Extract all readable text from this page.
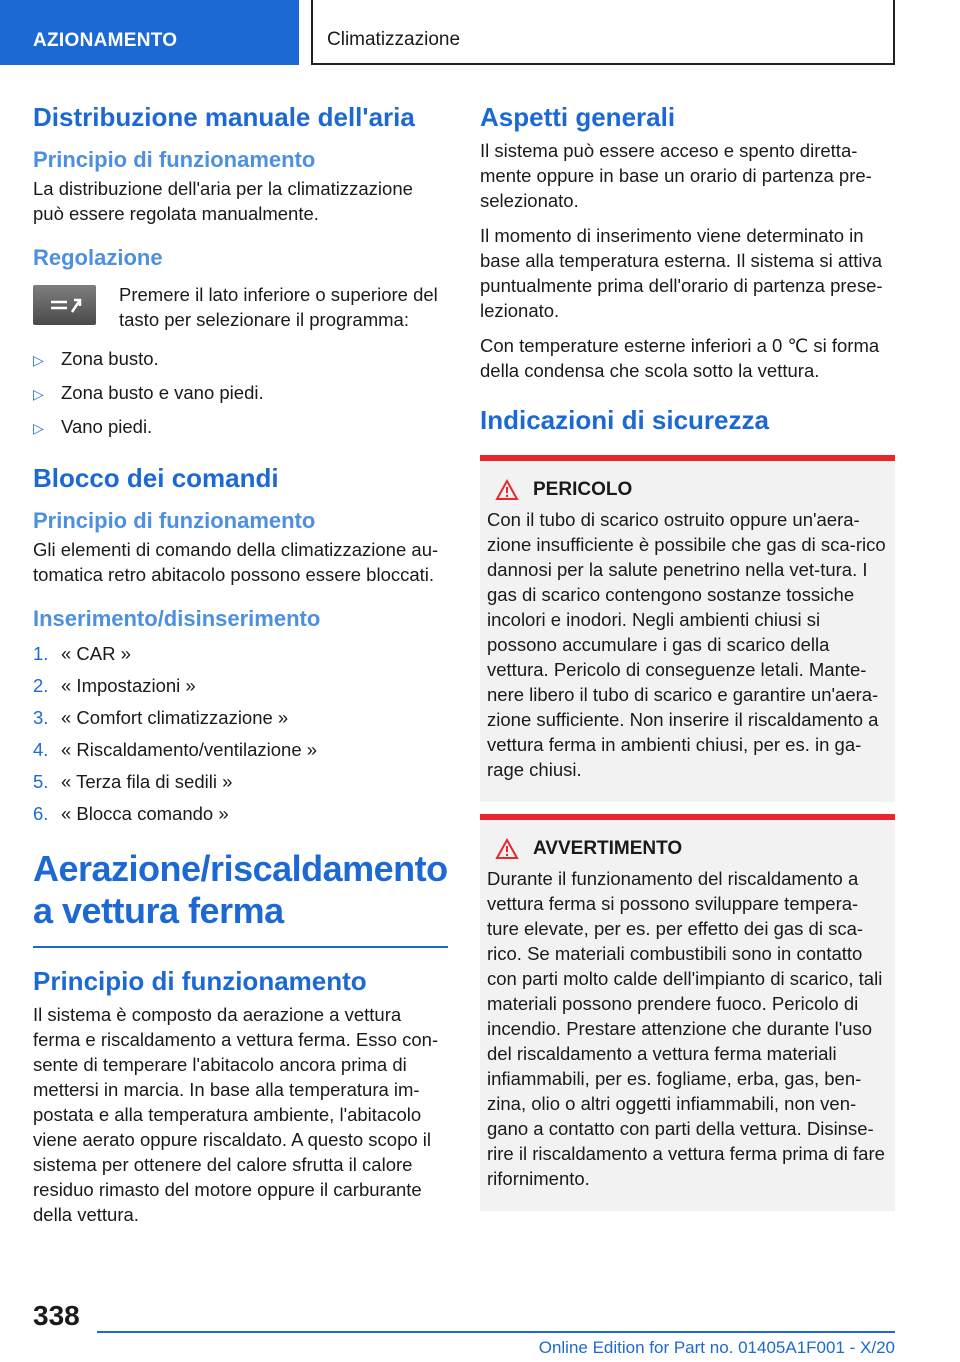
AZIONAMENTO	Climatizzazione
Distribuzione manuale dell'aria
Principio di funzionamento
La distribuzione dell'aria per la climatizzazione può essere regolata manualmente.
Regolazione
Premere il lato inferiore o superiore del tasto per selezionare il programma:
▷ Zona busto.
▷ Zona busto e vano piedi.
▷ Vano piedi.
Blocco dei comandi
Principio di funzionamento
Gli elementi di comando della climatizzazione au-tomatica retro abitacolo possono essere bloccati.
Inserimento/disinserimento
1. « CAR »
2. « Impostazioni »
3. « Comfort climatizzazione »
4. « Riscaldamento/ventilazione »
5. « Terza fila di sedili »
6. « Blocca comando »
Aerazione/riscaldamento a vettura ferma
Principio di funzionamento
Il sistema è composto da aerazione a vettura ferma e riscaldamento a vettura ferma. Esso con-sente di temperare l'abitacolo ancora prima di mettersi in marcia. In base alla temperatura im-postata e alla temperatura ambiente, l'abitacolo viene aerato oppure riscaldato. A questo scopo il sistema per ottenere del calore sfrutta il calore residuo rimasto del motore oppure il carburante della vettura.
Aspetti generali
Il sistema può essere acceso e spento diretta-mente oppure in base un orario di partenza pre-selezionato.
Il momento di inserimento viene determinato in base alla temperatura esterna. Il sistema si attiva puntualmente prima dell'orario di partenza prese-lezionato.
Con temperature esterne inferiori a 0 ℃ si forma della condensa che scola sotto la vettura.
Indicazioni di sicurezza
PERICOLO
Con il tubo di scarico ostruito oppure un'aera-zione insufficiente è possibile che gas di sca-rico dannosi per la salute penetrino nella vet-tura. I gas di scarico contengono sostanze tossiche incolori e inodori. Negli ambienti chiusi si possono accumulare i gas di scarico della vettura. Pericolo di conseguenze letali. Mante-nere libero il tubo di scarico e garantire un'aera-zione sufficiente. Non inserire il riscaldamento a vettura ferma in ambienti chiusi, per es. in ga-rage chiusi.
AVVERTIMENTO
Durante il funzionamento del riscaldamento a vettura ferma si possono sviluppare tempera-ture elevate, per es. per effetto dei gas di sca-rico. Se materiali combustibili sono in contatto con parti molto calde dell'impianto di scarico, tali materiali possono prendere fuoco. Pericolo di incendio. Prestare attenzione che durante l'uso del riscaldamento a vettura ferma materiali infiammabili, per es. fogliame, erba, gas, ben-zina, olio o altri oggetti infiammabili, non ven-gano a contatto con parti della vettura. Disinse-rire il riscaldamento a vettura ferma prima di fare rifornimento.
338
Online Edition for Part no. 01405A1F001 - X/20
